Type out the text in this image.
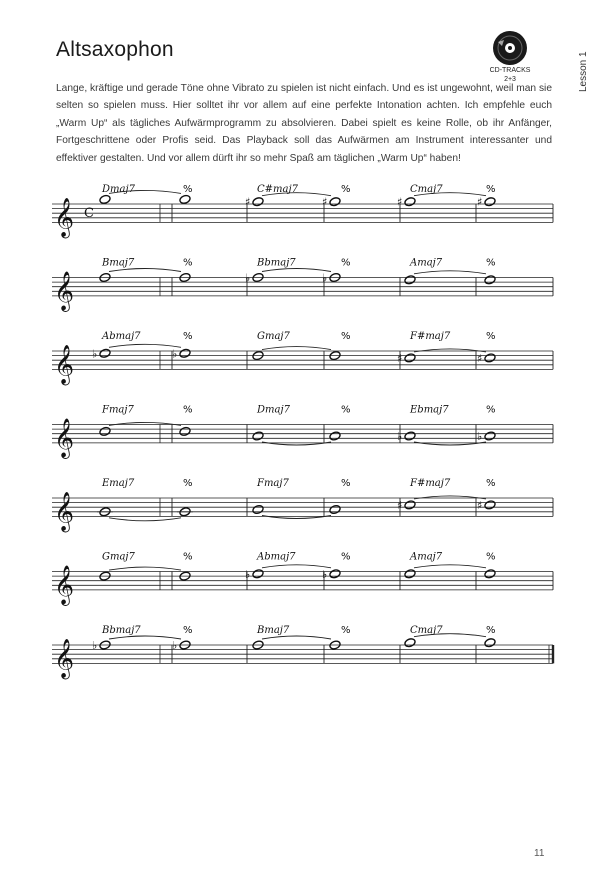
Altsaxophon
CD-TRACKS
2+3	Lesson 1
Lange, kräftige und gerade Töne ohne Vibrato zu spielen ist nicht einfach. Und es ist ungewohnt, weil man sie selten so spielen muss. Hier solltet ihr vor allem auf eine perfekte Intonation achten. Ich empfehle euch „Warm Up“ als tägliches Aufwärmprogramm zu absolvieren. Dabei spielt es keine Rolle, ob ihr Anfänger, Fortgeschrittene oder Profis seid. Das Playback soll das Aufwärmen am Instrument interessanter und effektiver gestalten. Und vor allem dürft ihr so mehr Spaß am täglichen „Warm Up“ haben!
𝄞 C
Dmaj7	%	C#maj7	%	Cmaj7	%
♯	♯	♯	♯
𝄞
Bmaj7	%	Bbmaj7	%	Amaj7	%
♭	♭
𝄞
Abmaj7	%	Gmaj7	%	F#maj7	%
♭	♭	♯	♯
𝄞
Fmaj7	%	Dmaj7	%	Ebmaj7	%
♭	♭
𝄞
Emaj7	%	Fmaj7	%	F#maj7	%
♯	♯
𝄞
Gmaj7	%	Abmaj7	%	Amaj7	%
♭	♭
𝄞
Bbmaj7	%	Bmaj7	%	Cmaj7	%
♭	♭
11
